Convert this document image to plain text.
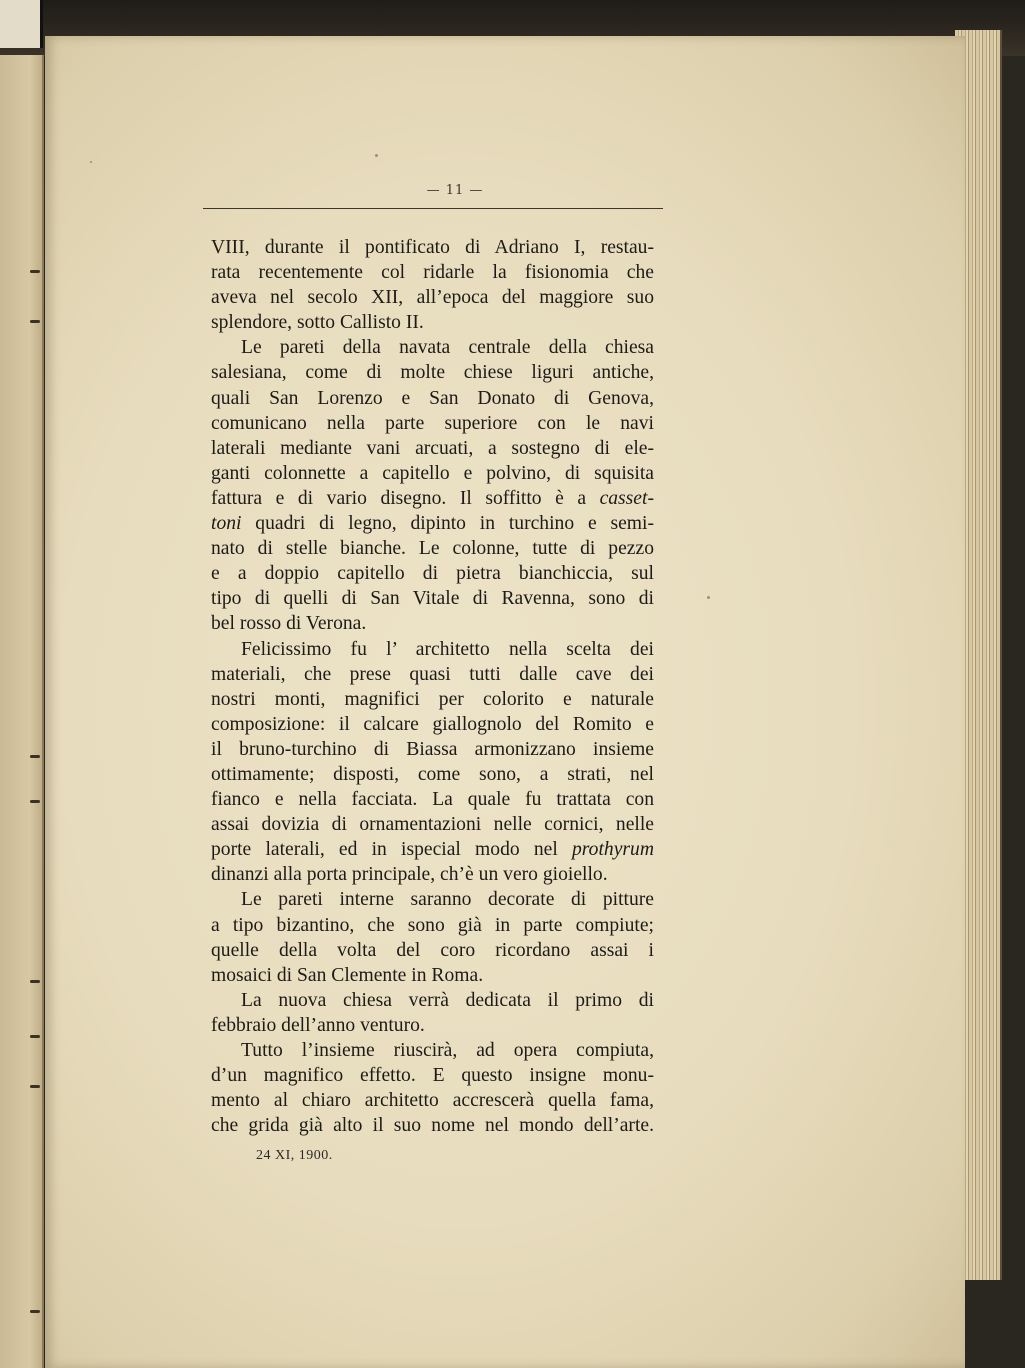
— 11 —
VIII, durante il pontificato di Adriano I, restau-
rata recentemente col ridarle la fisionomia che
aveva nel secolo XII, all’epoca del maggiore suo
splendore, sotto Callisto II.
Le pareti della navata centrale della chiesa
salesiana, come di molte chiese liguri antiche,
quali San Lorenzo e San Donato di Genova,
comunicano nella parte superiore con le navi
laterali mediante vani arcuati, a sostegno di ele-
ganti colonnette a capitello e polvino, di squisita
fattura e di vario disegno. Il soffitto è a casset-
toni quadri di legno, dipinto in turchino e semi-
nato di stelle bianche. Le colonne, tutte di pezzo
e a doppio capitello di pietra bianchiccia, sul
tipo di quelli di San Vitale di Ravenna, sono di
bel rosso di Verona.
Felicissimo fu l’ architetto nella scelta dei
materiali, che prese quasi tutti dalle cave dei
nostri monti, magnifici per colorito e naturale
composizione: il calcare giallognolo del Romito e
il bruno-turchino di Biassa armonizzano insieme
ottimamente; disposti, come sono, a strati, nel
fianco e nella facciata. La quale fu trattata con
assai dovizia di ornamentazioni nelle cornici, nelle
porte laterali, ed in ispecial modo nel prothyrum
dinanzi alla porta principale, ch’è un vero gioiello.
Le pareti interne saranno decorate di pitture
a tipo bizantino, che sono già in parte compiute;
quelle della volta del coro ricordano assai i
mosaici di San Clemente in Roma.
La nuova chiesa verrà dedicata il primo di
febbraio dell’anno venturo.
Tutto l’insieme riuscirà, ad opera compiuta,
d’un magnifico effetto. E questo insigne monu-
mento al chiaro architetto accrescerà quella fama,
che grida già alto il suo nome nel mondo dell’arte.
24 XI, 1900.
